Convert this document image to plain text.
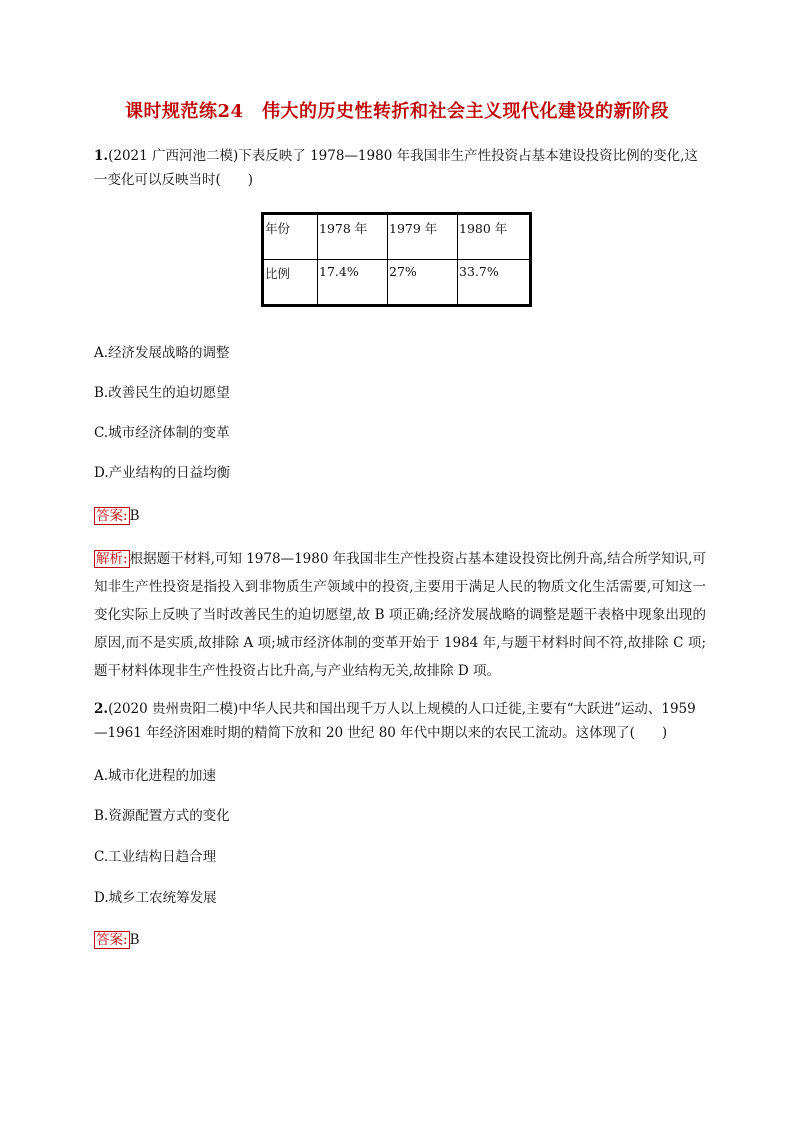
课时规范练24　伟大的历史性转折和社会主义现代化建设的新阶段
1.(2021 广西河池二模)下表反映了 1978—1980 年我国非生产性投资占基本建设投资比例的变化,这一变化可以反映当时(　　)
年份	1978 年	1979 年	1980 年
比例	17.4%	27%	33.7%
A.经济发展战略的调整
B.改善民生的迫切愿望
C.城市经济体制的变革
D.产业结构的日益均衡
答案: B
解析: 根据题干材料,可知 1978—1980 年我国非生产性投资占基本建设投资比例升高,结合所学知识,可知非生产性投资是指投入到非物质生产领域中的投资,主要用于满足人民的物质文化生活需要,可知这一变化实际上反映了当时改善民生的迫切愿望,故 B 项正确;经济发展战略的调整是题干表格中现象出现的原因,而不是实质,故排除 A 项;城市经济体制的变革开始于 1984 年,与题干材料时间不符,故排除 C 项;题干材料体现非生产性投资占比升高,与产业结构无关,故排除 D 项。
2.(2020 贵州贵阳二模)中华人民共和国出现千万人以上规模的人口迁徙,主要有“大跃进”运动、1959—1961 年经济困难时期的精简下放和 20 世纪 80 年代中期以来的农民工流动。这体现了(　　)
A.城市化进程的加速
B.资源配置方式的变化
C.工业结构日趋合理
D.城乡工农统筹发展
答案: B
